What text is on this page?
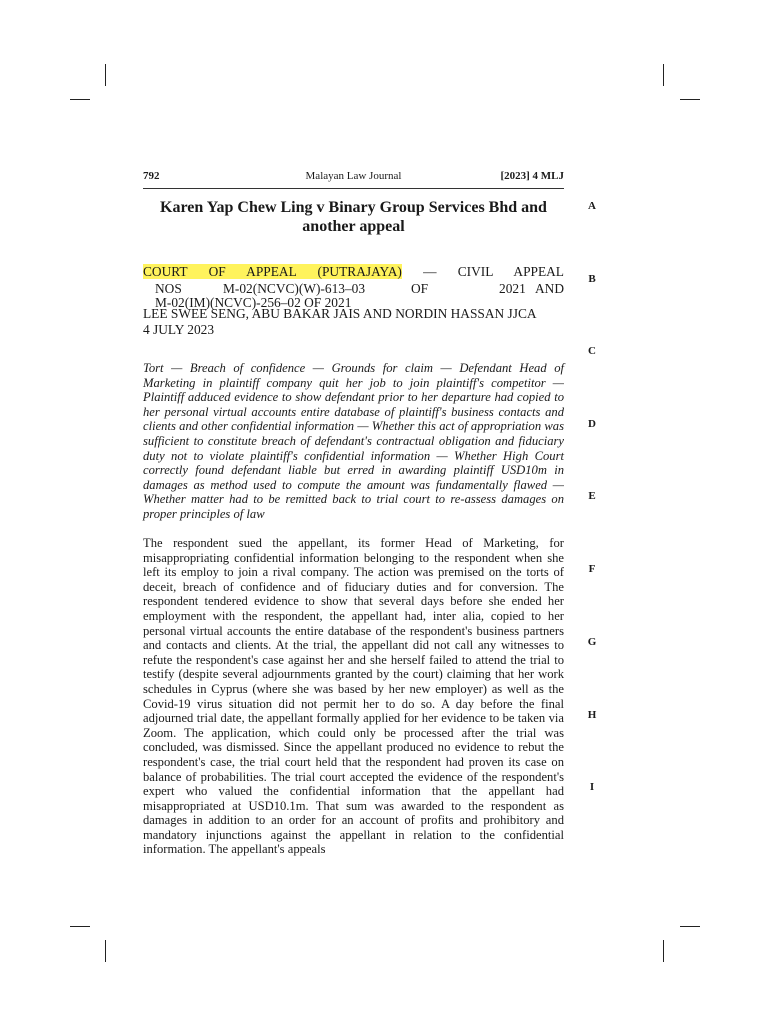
792	Malayan Law Journal	[2023] 4 MLJ
Karen Yap Chew Ling v Binary Group Services Bhd and another appeal
COURT OF APPEAL (PUTRAJAYA) — CIVIL APPEAL
NOS	M-02(NCVC)(W)-613–03	OF	2021 AND
M-02(IM)(NCVC)-256–02 OF 2021
LEE SWEE SENG, ABU BAKAR JAIS AND NORDIN HASSAN JJCA
4 JULY 2023
Tort — Breach of confidence — Grounds for claim — Defendant Head of Marketing in plaintiff company quit her job to join plaintiff's competitor — Plaintiff adduced evidence to show defendant prior to her departure had copied to her personal virtual accounts entire database of plaintiff's business contacts and clients and other confidential information — Whether this act of appropriation was sufficient to constitute breach of defendant's contractual obligation and fiduciary duty not to violate plaintiff's confidential information — Whether High Court correctly found defendant liable but erred in awarding plaintiff USD10m in damages as method used to compute the amount was fundamentally flawed — Whether matter had to be remitted back to trial court to re-assess damages on proper principles of law
The respondent sued the appellant, its former Head of Marketing, for misappropriating confidential information belonging to the respondent when she left its employ to join a rival company. The action was premised on the torts of deceit, breach of confidence and of fiduciary duties and for conversion. The respondent tendered evidence to show that several days before she ended her employment with the respondent, the appellant had, inter alia, copied to her personal virtual accounts the entire database of the respondent's business partners and contacts and clients. At the trial, the appellant did not call any witnesses to refute the respondent's case against her and she herself failed to attend the trial to testify (despite several adjournments granted by the court) claiming that her work schedules in Cyprus (where she was based by her new employer) as well as the Covid-19 virus situation did not permit her to do so. A day before the final adjourned trial date, the appellant formally applied for her evidence to be taken via Zoom. The application, which could only be processed after the trial was concluded, was dismissed. Since the appellant produced no evidence to rebut the respondent's case, the trial court held that the respondent had proven its case on balance of probabilities. The trial court accepted the evidence of the respondent's expert who valued the confidential information that the appellant had misappropriated at USD10.1m. That sum was awarded to the respondent as damages in addition to an order for an account of profits and prohibitory and mandatory injunctions against the appellant in relation to the confidential information. The appellant's appeals
A
B
C
D
E
F
G
H
I
